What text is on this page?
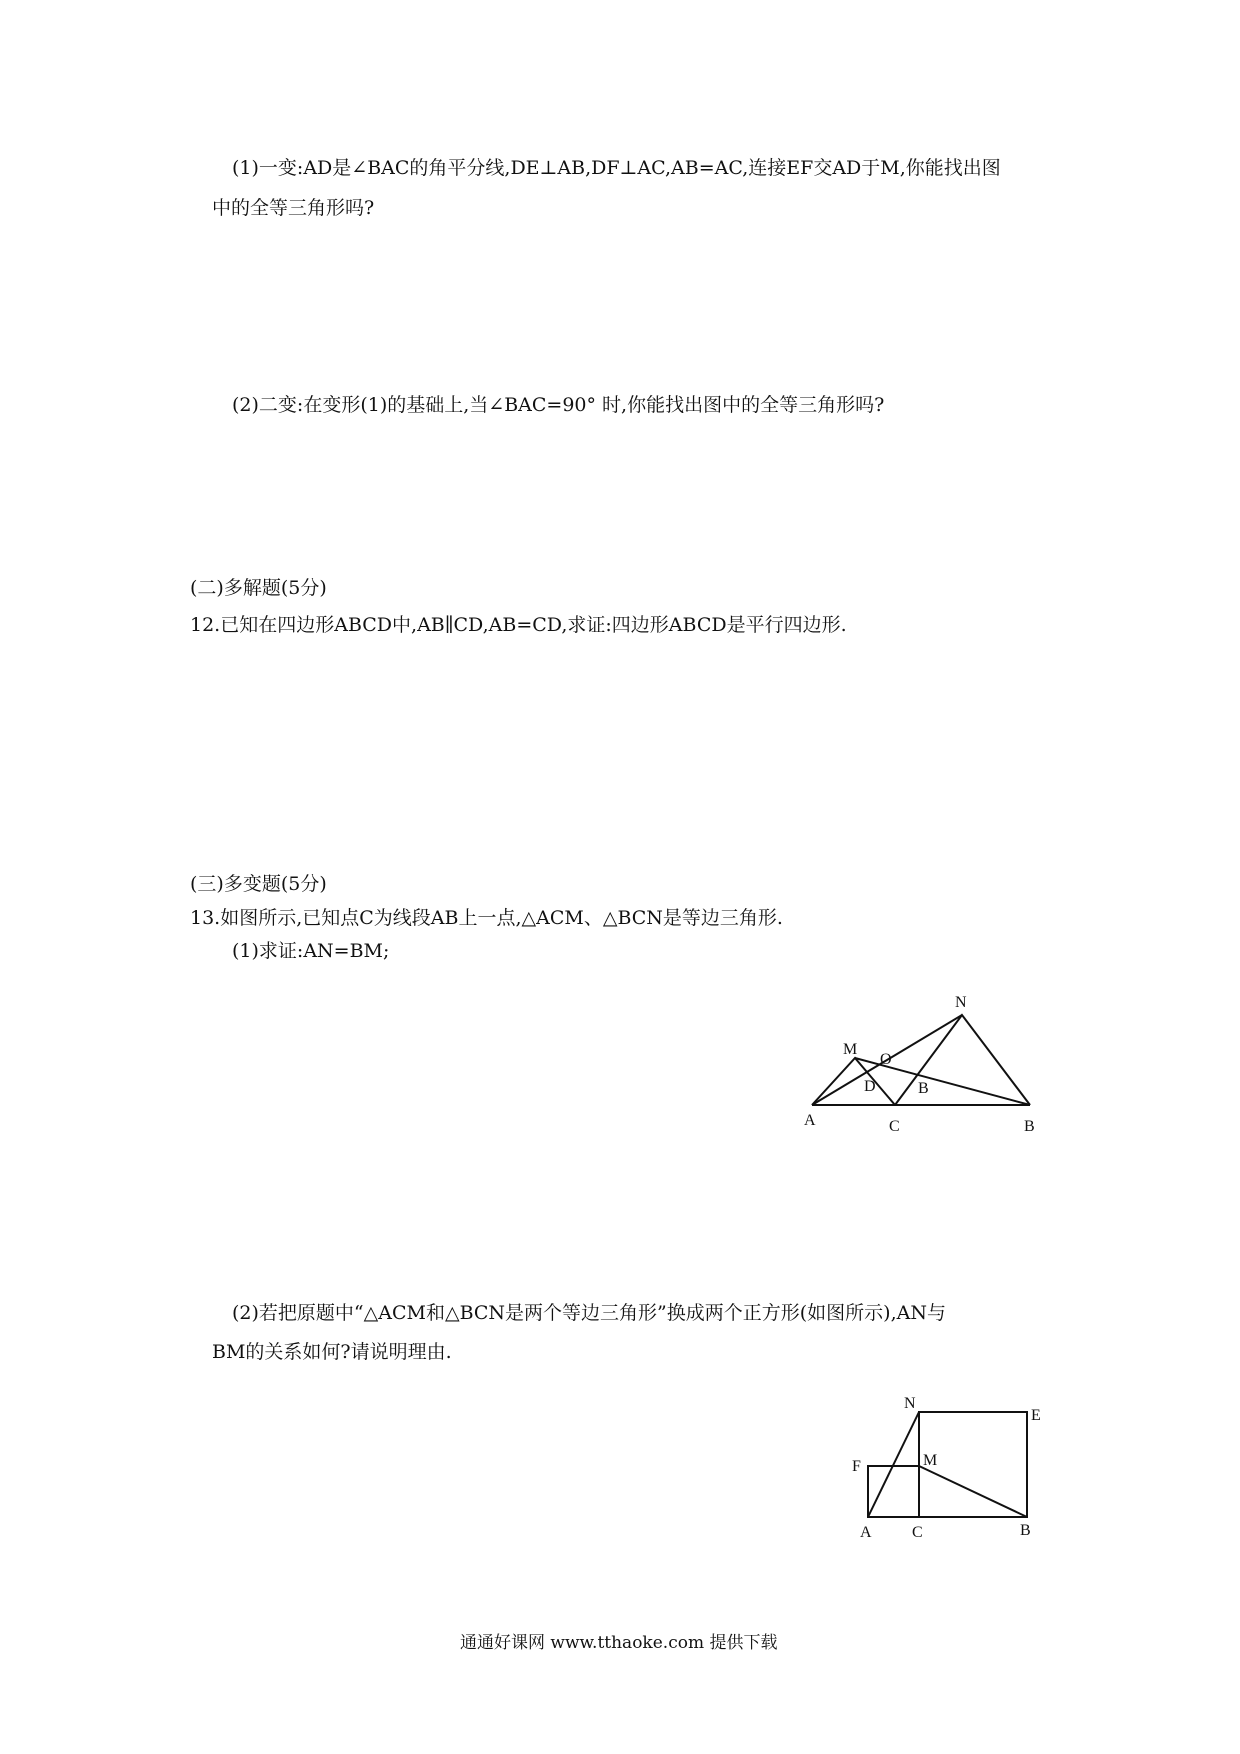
(1)一变:AD是∠BAC的角平分线,DE⊥AB,DF⊥AC,AB=AC,连接EF交AD于M,你能找出图
中的全等三角形吗?
(2)二变:在变形(1)的基础上,当∠BAC=90° 时,你能找出图中的全等三角形吗?
(二)多解题(5分)
12.已知在四边形ABCD中,AB∥CD,AB=CD,求证:四边形ABCD是平行四边形.
(三)多变题(5分)
13.如图所示,已知点C为线段AB上一点,△ACM、△BCN是等边三角形.
(1)求证:AN=BM;
A	C	B
M
N
O
D	B
(2)若把原题中“△ACM和△BCN是两个等边三角形”换成两个正方形(如图所示),AN与
BM的关系如何?请说明理由.
A	C	B
F	M
N
E
通通好课网 www.tthaoke.com 提供下载
